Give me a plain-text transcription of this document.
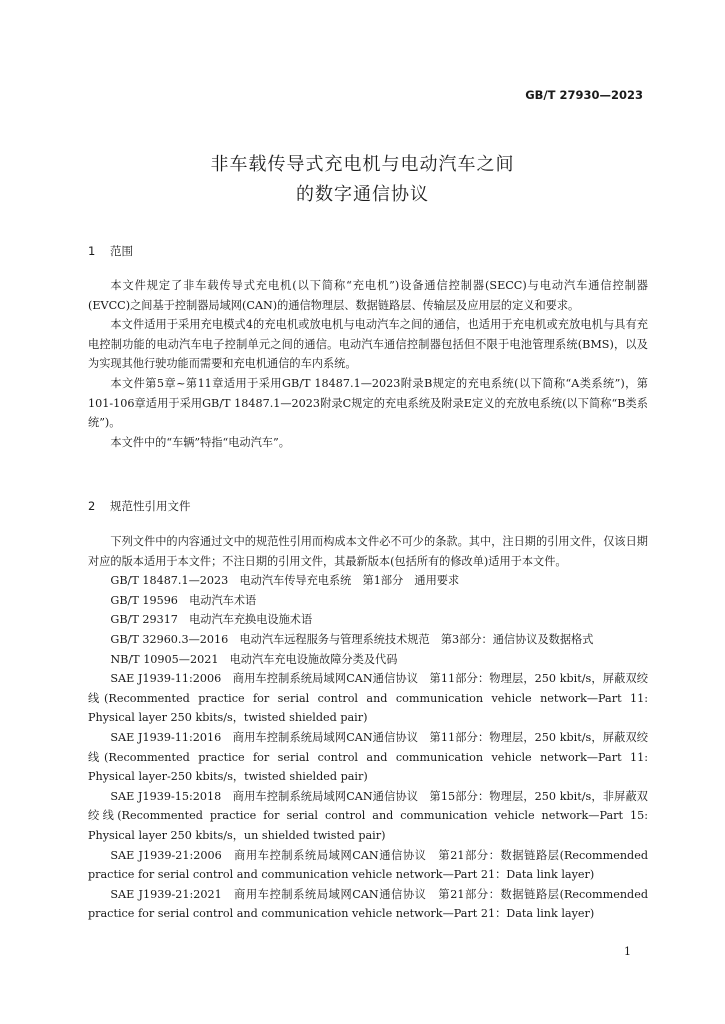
GB/T 27930—2023
非车载传导式充电机与电动汽车之间
的数字通信协议
1 范围

本文件规定了非车载传导式充电机(以下简称“充电机”)设备通信控制器(SECC)与电动汽车通信控制器(EVCC)之间基于控制器局域网(CAN)的通信物理层、数据链路层、传输层及应用层的定义和要求。

本文件适用于采用充电模式4的充电机或放电机与电动汽车之间的通信，也适用于充电机或充放电机与具有充电控制功能的电动汽车电子控制单元之间的通信。电动汽车通信控制器包括但不限于电池管理系统(BMS)，以及为实现其他行驶功能而需要和充电机通信的车内系统。

本文件第5章~第11章适用于采用GB/T 18487.1—2023附录B规定的充电系统(以下简称“A类系统”)，第101-106章适用于采用GB/T 18487.1—2023附录C规定的充电系统及附录E定义的充放电系统(以下简称“B类系统”)。

本文件中的“车辆”特指“电动汽车”。

2 规范性引用文件

下列文件中的内容通过文中的规范性引用而构成本文件必不可少的条款。其中，注日期的引用文件，仅该日期对应的版本适用于本文件；不注日期的引用文件，其最新版本(包括所有的修改单)适用于本文件。

GB/T 18487.1—2023　电动汽车传导充电系统　第1部分　通用要求

GB/T 19596　电动汽车术语

GB/T 29317　电动汽车充换电设施术语

GB/T 32960.3—2016　电动汽车远程服务与管理系统技术规范　第3部分：通信协议及数据格式

NB/T 10905—2021　电动汽车充电设施故障分类及代码

SAE J1939-11:2006　商用车控制系统局域网CAN通信协议　第11部分：物理层，250 kbit/s，屏蔽双绞线(Recommented practice for serial control and communication vehicle network—Part 11: Physical layer 250 kbits/s，twisted shielded pair)

SAE J1939-11:2016　商用车控制系统局域网CAN通信协议　第11部分：物理层，250 kbit/s，屏蔽双绞线(Recommented practice for serial control and communication vehicle network—Part 11: Physical layer-250 kbits/s，twisted shielded pair)

SAE J1939-15:2018　商用车控制系统局域网CAN通信协议　第15部分：物理层，250 kbit/s，非屏蔽双绞线(Recommented practice for serial control and communication vehicle network—Part 15: Physical layer 250 kbits/s，un shielded twisted pair)

SAE J1939-21:2006　商用车控制系统局域网CAN通信协议　第21部分：数据链路层(Recommended practice for serial control and communication vehicle network—Part 21：Data link layer)

SAE J1939-21:2021　商用车控制系统局域网CAN通信协议　第21部分：数据链路层(Recommended practice for serial control and communication vehicle network—Part 21：Data link layer)

1
